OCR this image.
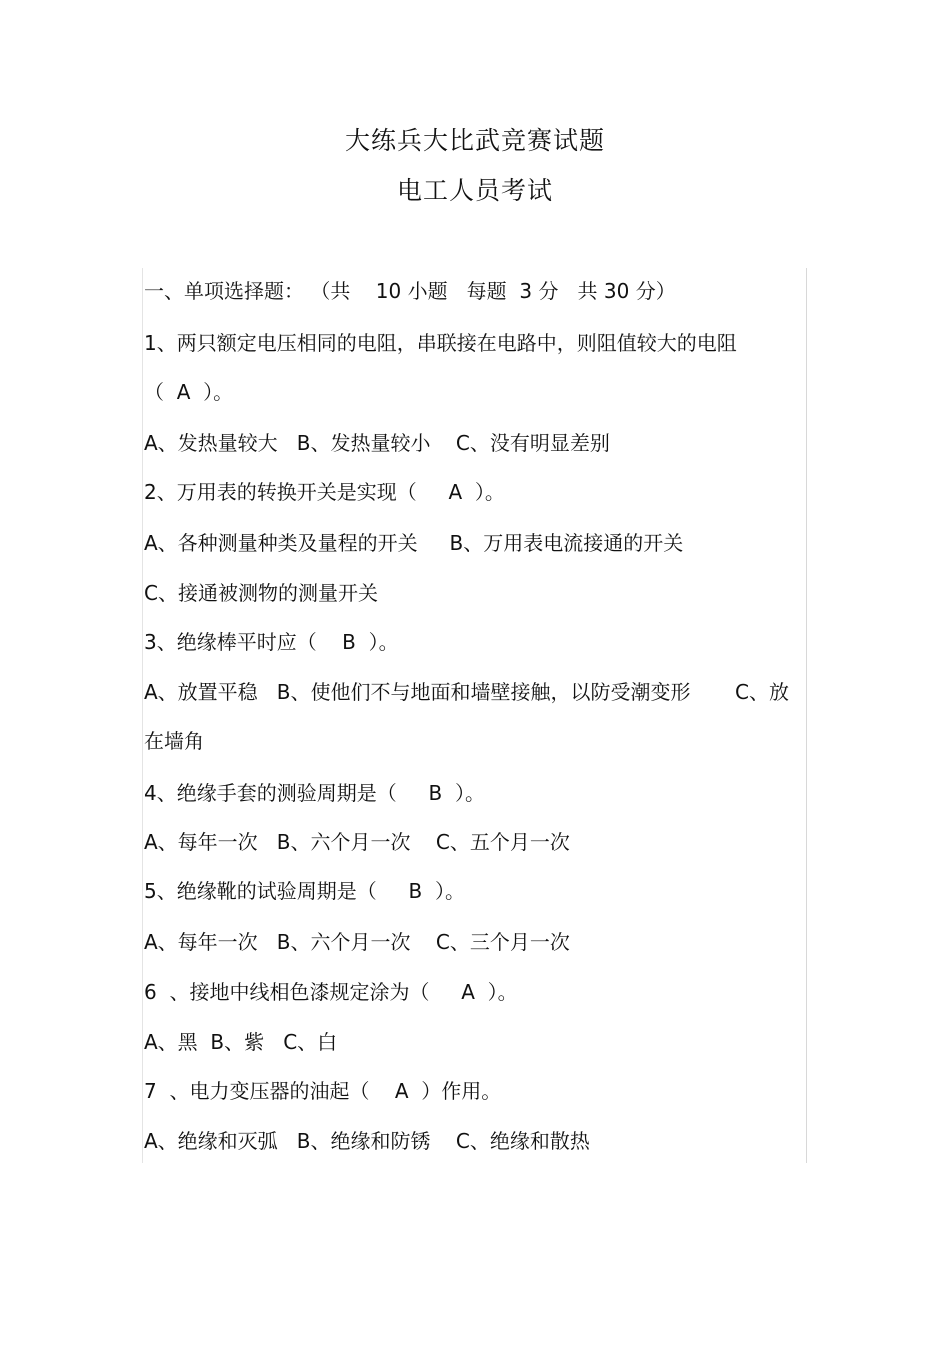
大练兵大比武竞赛试题
电工人员考试
一、单项选择题： （共    10 小题   每题  3 分   共 30 分）
1、两只额定电压相同的电阻，串联接在电路中，则阻值较大的电阻
（  A  ）。
A、发热量较大   B、发热量较小    C、没有明显差别
2、万用表的转换开关是实现（     A  ）。
A、各种测量种类及量程的开关     B、万用表电流接通的开关
C、接通被测物的测量开关
3、绝缘棒平时应（    B  ）。
A、放置平稳   B、使他们不与地面和墙壁接触，以防受潮变形       C、放
在墙角
4、绝缘手套的测验周期是（     B  ）。
A、每年一次   B、六个月一次    C、五个月一次
5、绝缘靴的试验周期是（     B  ）。
A、每年一次   B、六个月一次    C、三个月一次
6  、接地中线相色漆规定涂为（     A  ）。
A、黑  B、紫   C、白
7  、电力变压器的油起（    A  ）作用。
A、绝缘和灭弧   B、绝缘和防锈    C、绝缘和散热
